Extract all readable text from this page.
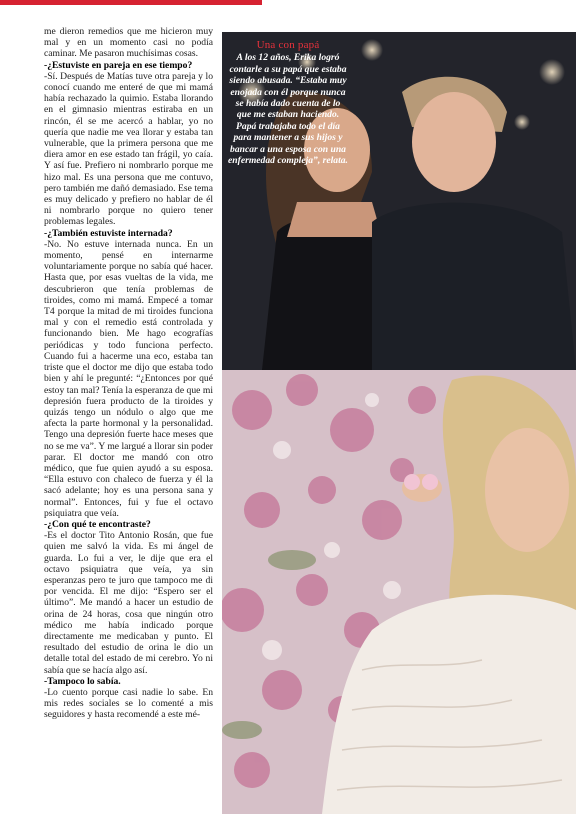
me dieron remedios que me hicieron muy mal y en un momento casi no podía caminar. Me pasaron muchísimas cosas.

-¿Estuviste en pareja en ese tiempo?

-Sí. Después de Matías tuve otra pareja y lo conocí cuando me enteré de que mi mamá había rechazado la quimio. Estaba llorando en el gimnasio mientras estiraba en un rincón, él se me acercó a hablar, yo no quería que nadie me vea llorar y estaba tan vulnerable, que la primera persona que me diera amor en ese estado tan frágil, yo caía. Y así fue. Prefiero ni nombrarlo porque me hizo mal. Es una persona que me contuvo, pero también me dañó demasiado. Ese tema es muy delicado y prefiero no hablar de él ni nombrarlo porque no quiero tener problemas legales.

-¿También estuviste internada?

-No. No estuve internada nunca. En un momento, pensé en internarme voluntariamente porque no sabía qué hacer. Hasta que, por esas vueltas de la vida, me descubrieron que tenía problemas de tiroides, como mi mamá. Empecé a tomar T4 porque la mitad de mi tiroides funciona mal y con el remedio está controlada y funcionando bien. Me hago ecografías periódicas y todo funciona perfecto. Cuando fui a hacerme una eco, estaba tan triste que el doctor me dijo que estaba todo bien y ahí le pregunté: “¿Entonces por qué estoy tan mal? Tenía la esperanza de que mi depresión fuera producto de la tiroides y quizás tengo un nódulo o algo que me afecta la parte hormonal y la personalidad. Tengo una depresión fuerte hace meses que no se me va”. Y me largué a llorar sin poder parar. El doctor me mandó con otro médico, que fue quien ayudó a su esposa. “Ella estuvo con chaleco de fuerza y él la sacó adelante; hoy es una persona sana y normal”. Entonces, fui y fue el octavo psiquiatra que veía.

-¿Con qué te encontraste?

-Es el doctor Tito Antonio Rosán, que fue quien me salvó la vida. Es mi ángel de guarda. Lo fui a ver, le dije que era el octavo psiquiatra que veía, ya sin esperanzas pero te juro que tampoco me di por vencida. El me dijo: “Espero ser el último”. Me mandó a hacer un estudio de orina de 24 horas, cosa que ningún otro médico me había indicado porque directamente me medicaban y punto. El resultado del estudio de orina le dio un detalle total del estado de mi cerebro. Yo ni sabía que se hacía algo así.

-Tampoco lo sabía.

-Lo cuento porque casi nadie lo sabe. En mis redes sociales se lo comenté a mis seguidores y hasta recomendé a este mé-

Una con papá
A los 12 años, Erika logró contarle a su papá que estaba siendo abusada. “Estaba muy enojada con él porque nunca se había dado cuenta de lo que me estaban haciendo. Papá trabajaba todo el día para mantener a sus hijos y bancar a una esposa con una enfermedad compleja”, relata.
